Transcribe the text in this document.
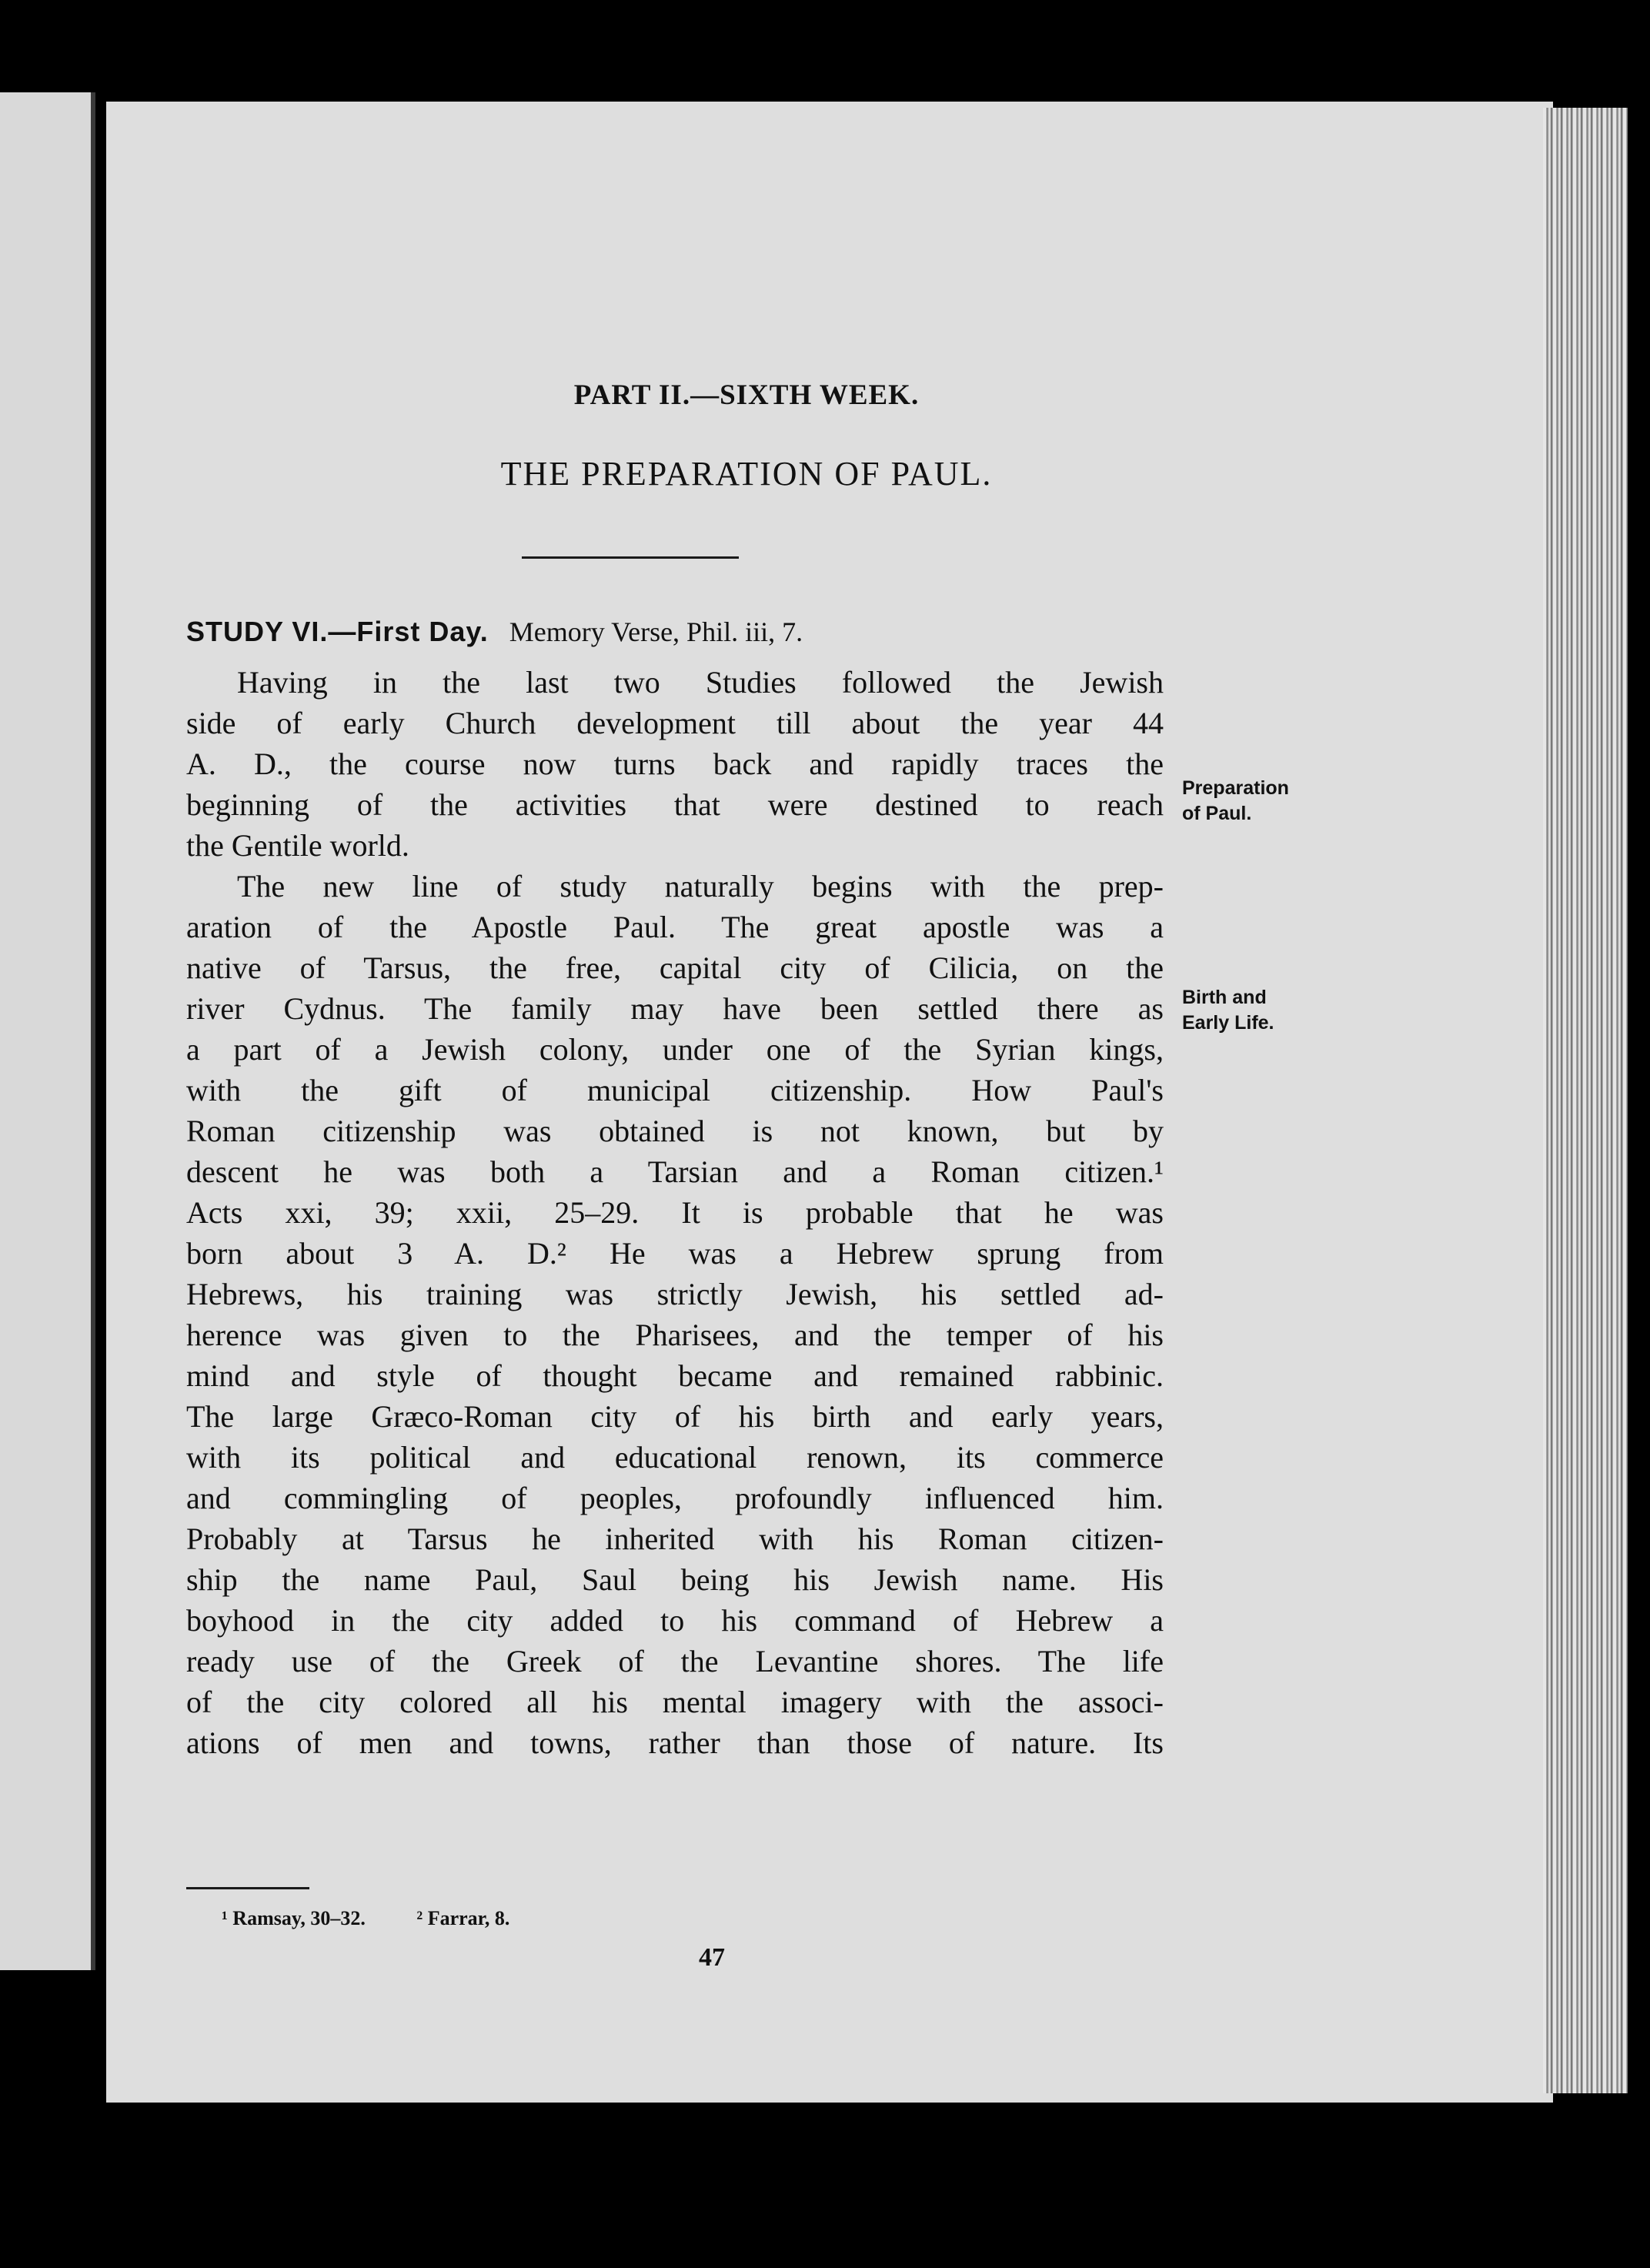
PART II.—SIXTH WEEK.
THE PREPARATION OF PAUL.
STUDY VI.—First Day. Memory Verse, Phil. iii, 7.
Having in the last two Studies followed the Jewish
side of early Church development till about the year 44
A. D., the course now turns back and rapidly traces the
beginning of the activities that were destined to reach
the Gentile world.
The new line of study naturally begins with the prep-
aration of the Apostle Paul. The great apostle was a
native of Tarsus, the free, capital city of Cilicia, on the
river Cydnus. The family may have been settled there as
a part of a Jewish colony, under one of the Syrian kings,
with the gift of municipal citizenship. How Paul's
Roman citizenship was obtained is not known, but by
descent he was both a Tarsian and a Roman citizen.¹
Acts xxi, 39; xxii, 25–29. It is probable that he was
born about 3 A. D.² He was a Hebrew sprung from
Hebrews, his training was strictly Jewish, his settled ad-
herence was given to the Pharisees, and the temper of his
mind and style of thought became and remained rabbinic.
The large Græco-Roman city of his birth and early years,
with its political and educational renown, its commerce
and commingling of peoples, profoundly influenced him.
Probably at Tarsus he inherited with his Roman citizen-
ship the name Paul, Saul being his Jewish name. His
boyhood in the city added to his command of Hebrew a
ready use of the Greek of the Levantine shores. The life
of the city colored all his mental imagery with the associ-
ations of men and towns, rather than those of nature. Its
Preparation
of Paul.
Birth and
Early Life.
¹ Ramsay, 30–32.	² Farrar, 8.
47
